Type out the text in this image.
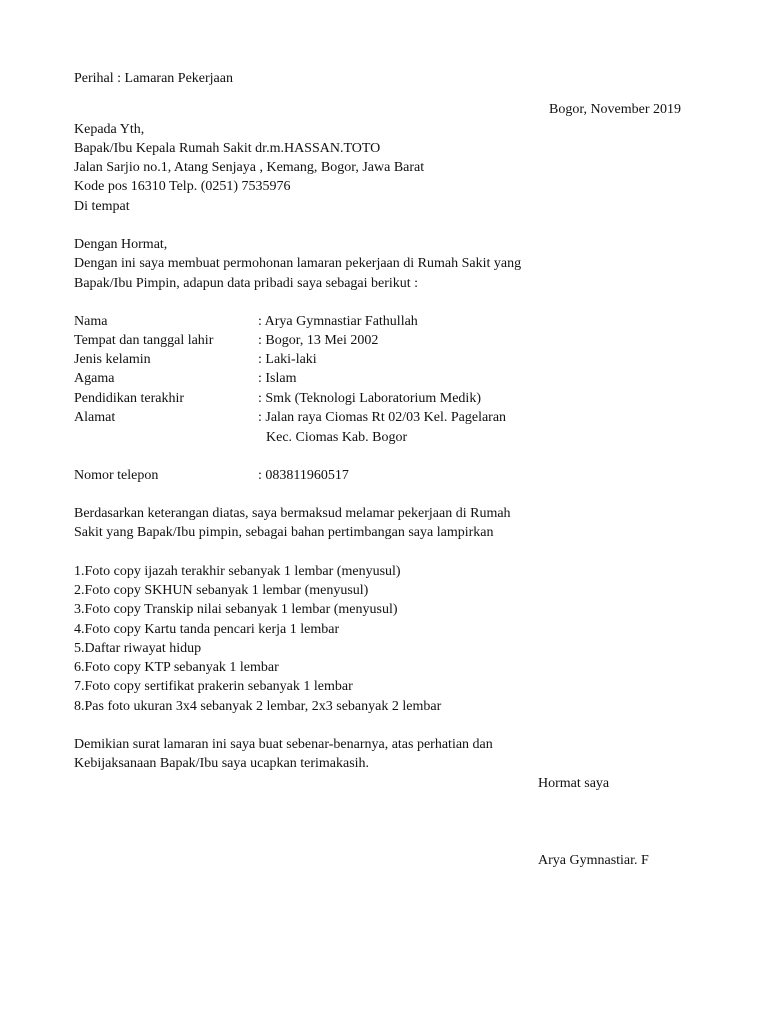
Perihal : Lamaran Pekerjaan
Bogor, November 2019
Kepada Yth,
Bapak/Ibu Kepala Rumah Sakit dr.m.HASSAN.TOTO
Jalan Sarjio no.1, Atang Senjaya , Kemang, Bogor, Jawa Barat
Kode pos 16310 Telp. (0251) 7535976
Di tempat
Dengan Hormat,
Dengan ini saya membuat permohonan lamaran pekerjaan di Rumah Sakit yang
Bapak/Ibu Pimpin, adapun data pribadi saya sebagai berikut :
Nama	: Arya Gymnastiar Fathullah
Tempat dan tanggal lahir	: Bogor, 13 Mei 2002
Jenis kelamin	: Laki-laki
Agama	: Islam
Pendidikan terakhir	: Smk (Teknologi Laboratorium Medik)
Alamat	: Jalan raya Ciomas Rt 02/03 Kel. Pagelaran
Kec. Ciomas Kab. Bogor
Nomor telepon	: 083811960517
Berdasarkan keterangan diatas, saya bermaksud melamar pekerjaan di Rumah
Sakit yang Bapak/Ibu pimpin, sebagai bahan pertimbangan saya lampirkan
1.Foto copy ijazah terakhir sebanyak 1 lembar (menyusul)
2.Foto copy SKHUN sebanyak 1 lembar (menyusul)
3.Foto copy Transkip nilai sebanyak 1 lembar (menyusul)
4.Foto copy Kartu tanda pencari kerja 1 lembar
5.Daftar riwayat hidup
6.Foto copy KTP sebanyak 1 lembar
7.Foto copy sertifikat prakerin sebanyak 1 lembar
8.Pas foto ukuran 3x4 sebanyak 2 lembar, 2x3 sebanyak 2 lembar
Demikian surat lamaran ini saya buat sebenar-benarnya, atas perhatian dan
Kebijaksanaan Bapak/Ibu saya ucapkan terimakasih.
Hormat saya
Arya Gymnastiar. F
